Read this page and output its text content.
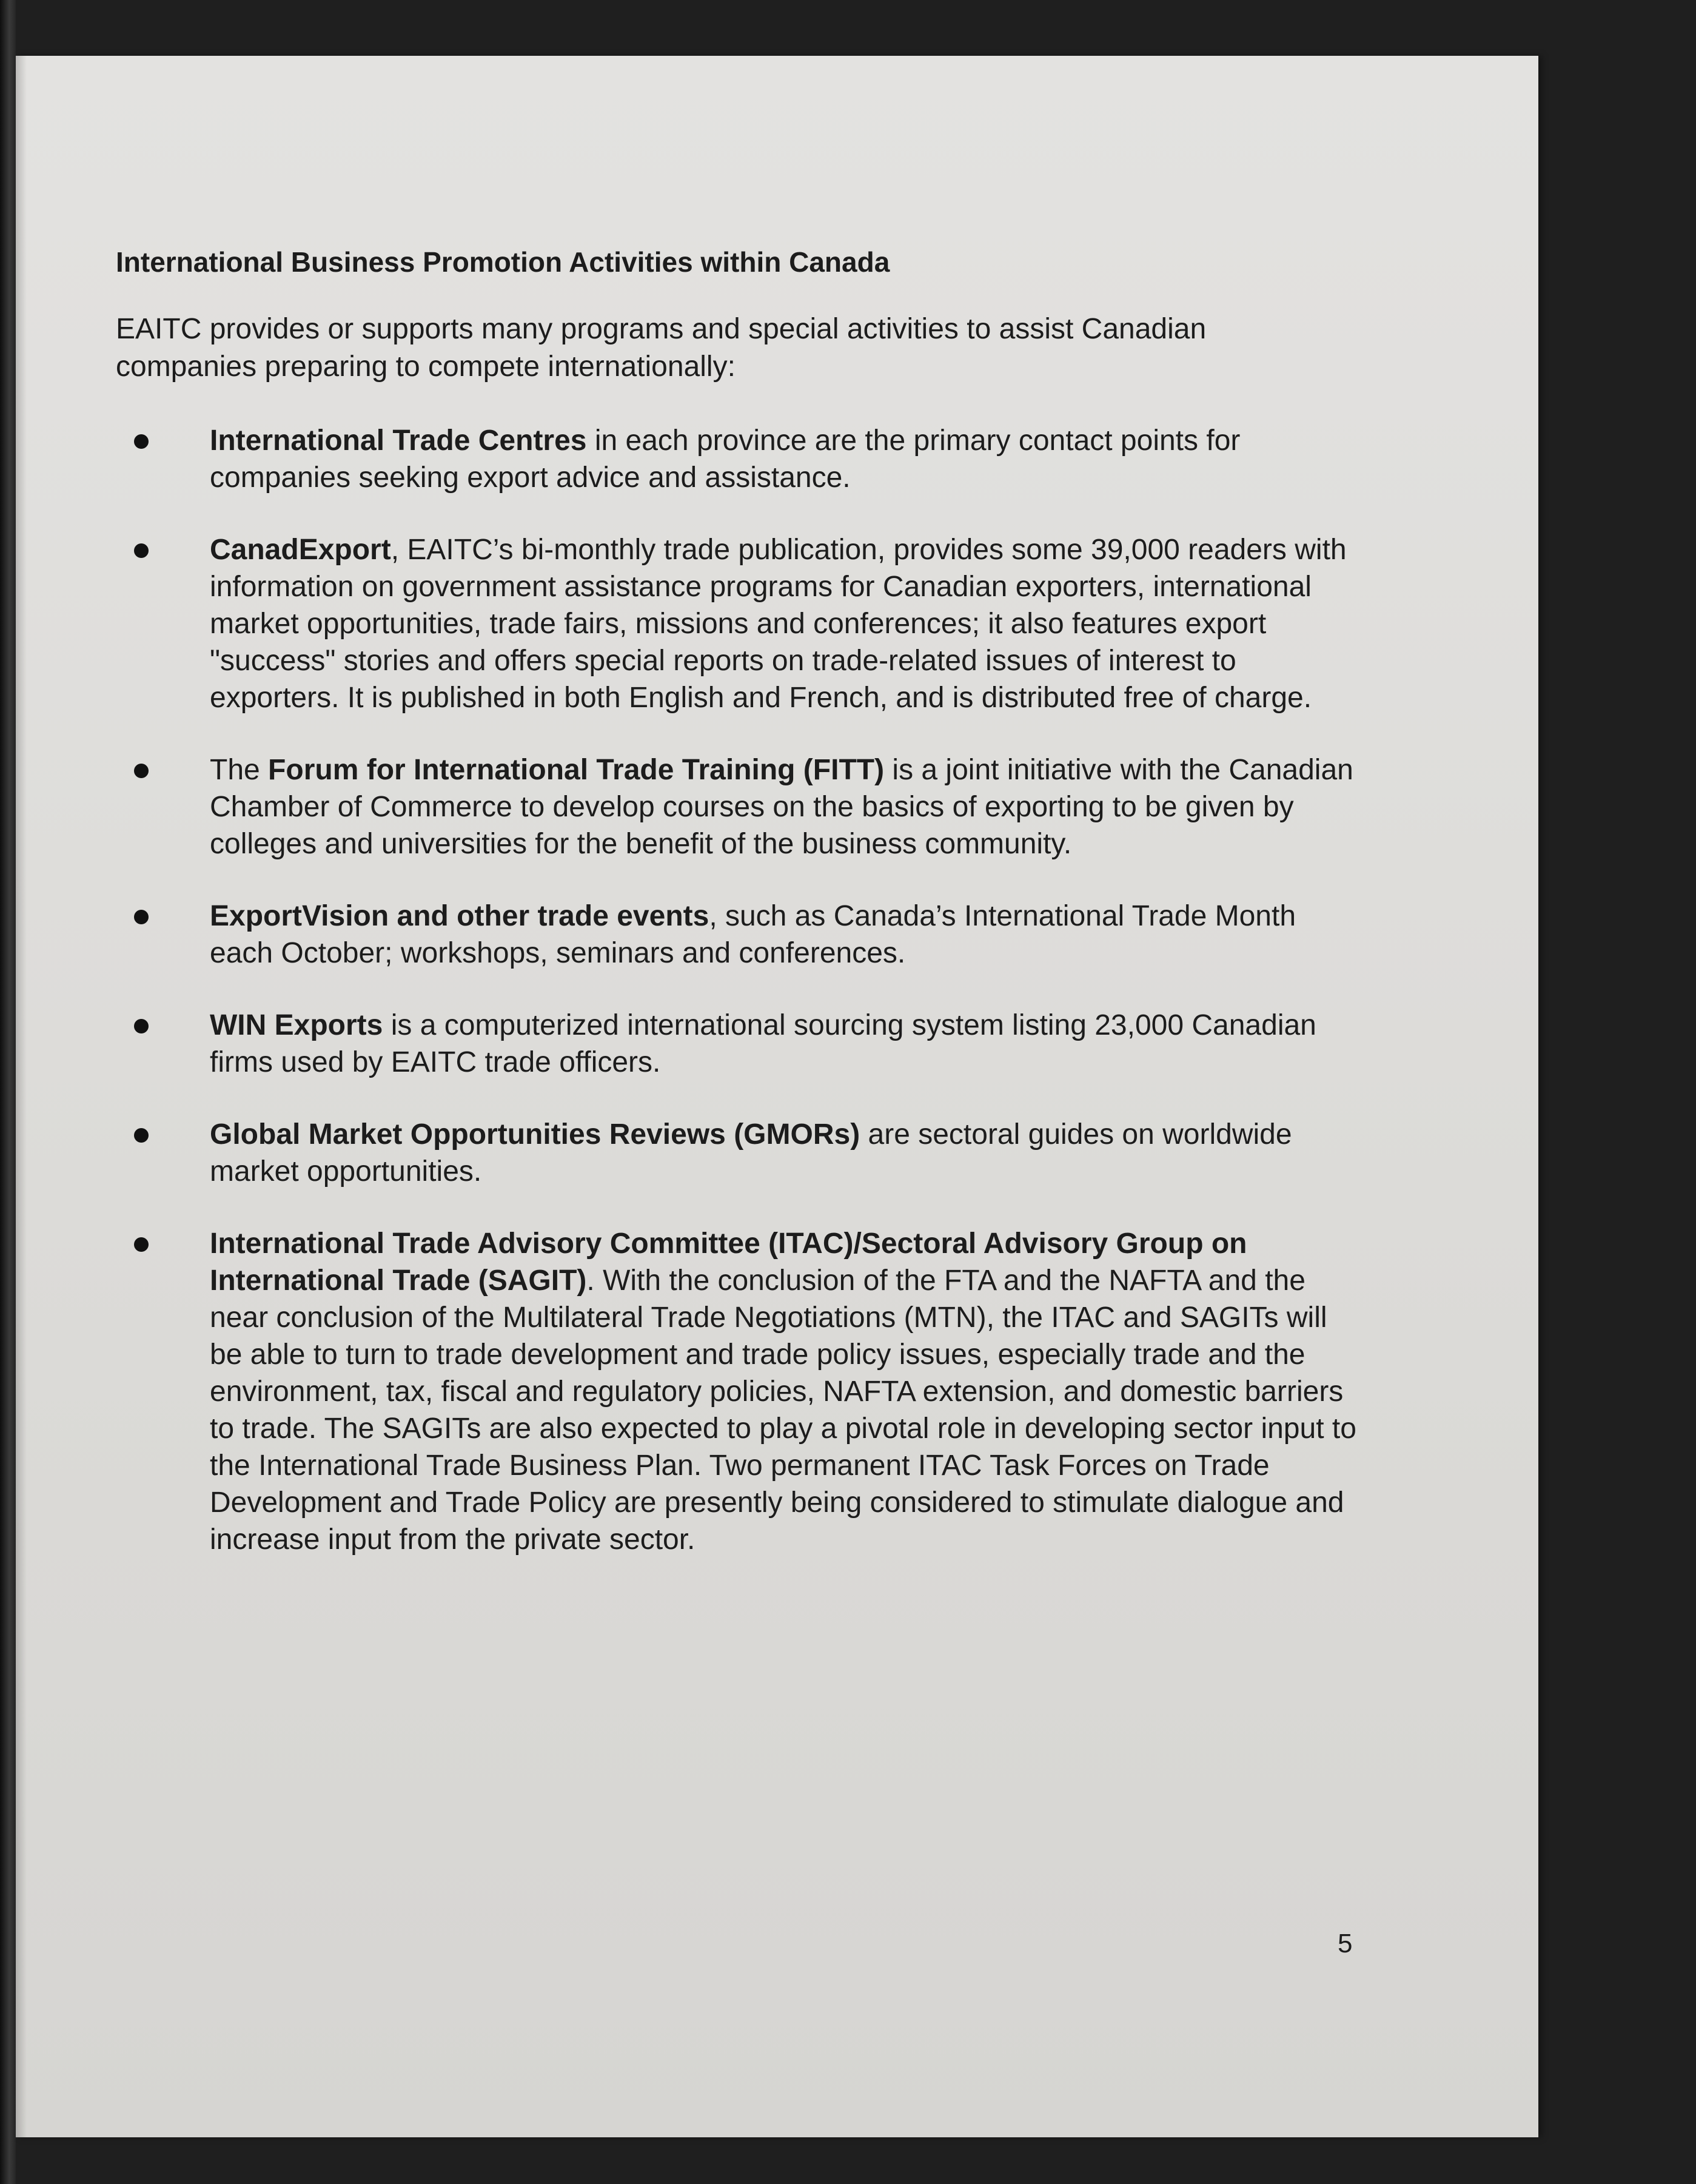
International Business Promotion Activities within Canada
EAITC provides or supports many programs and special activities to assist Canadian companies preparing to compete internationally:
International Trade Centres in each province are the primary contact points for companies seeking export advice and assistance.
CanadExport, EAITC’s bi-monthly trade publication, provides some 39,000 readers with information on government assistance programs for Canadian exporters, international market opportunities, trade fairs, missions and conferences; it also features export "success" stories and offers special reports on trade-related issues of interest to exporters. It is published in both English and French, and is distributed free of charge.
The Forum for International Trade Training (FITT) is a joint initiative with the Canadian Chamber of Commerce to develop courses on the basics of exporting to be given by colleges and universities for the benefit of the business community.
ExportVision and other trade events, such as Canada’s International Trade Month each October; workshops, seminars and conferences.
WIN Exports is a computerized international sourcing system listing 23,000 Canadian firms used by EAITC trade officers.
Global Market Opportunities Reviews (GMORs) are sectoral guides on worldwide market opportunities.
International Trade Advisory Committee (ITAC)/Sectoral Advisory Group on International Trade (SAGIT). With the conclusion of the FTA and the NAFTA and the near conclusion of the Multilateral Trade Negotiations (MTN), the ITAC and SAGITs will be able to turn to trade development and trade policy issues, especially trade and the environment, tax, fiscal and regulatory policies, NAFTA extension, and domestic barriers to trade. The SAGITs are also expected to play a pivotal role in developing sector input to the International Trade Business Plan. Two permanent ITAC Task Forces on Trade Development and Trade Policy are presently being considered to stimulate dialogue and increase input from the private sector.
5
